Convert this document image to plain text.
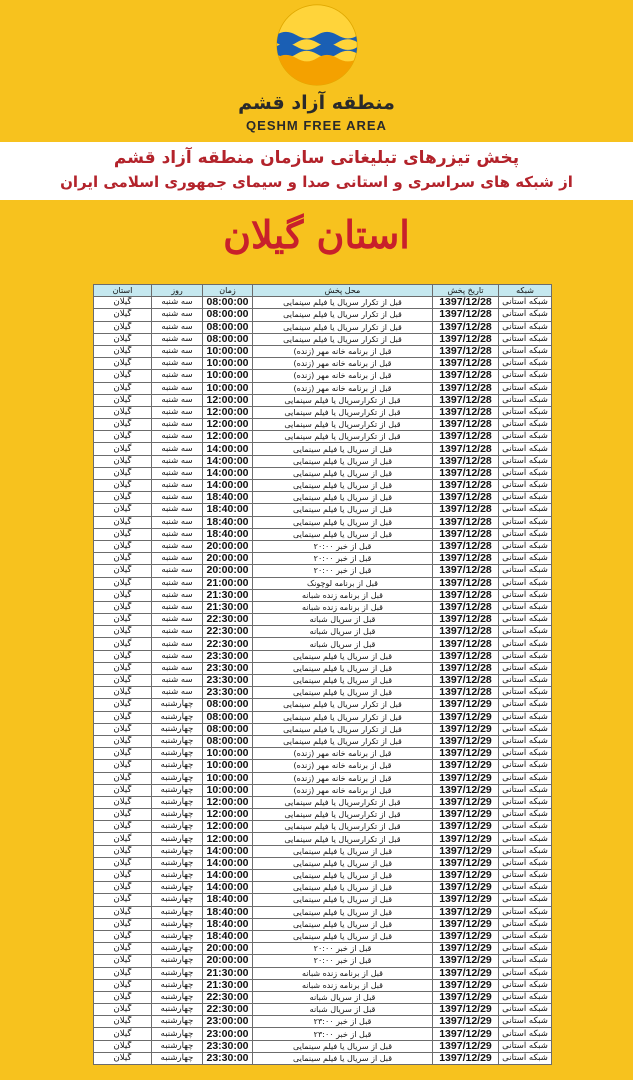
منطقه آزاد قشم
QESHM FREE AREA
پخش تیزرهای تبلیغاتی سازمان منطقه آزاد قشم
از شبکه های سراسری و استانی صدا و سیمای جمهوری اسلامی ایران
استان گیلان
شبکه	تاریخ پخش	محل پخش	زمان	روز	استان
شبکه استانی	1397/12/28	قبل از تکرار سریال یا فیلم سینمایی	08:00:00	سه شنبه	گیلان
شبکه استانی	1397/12/28	قبل از تکرار سریال یا فیلم سینمایی	08:00:00	سه شنبه	گیلان
شبکه استانی	1397/12/28	قبل از تکرار سریال یا فیلم سینمایی	08:00:00	سه شنبه	گیلان
شبکه استانی	1397/12/28	قبل از تکرار سریال یا فیلم سینمایی	08:00:00	سه شنبه	گیلان
شبکه استانی	1397/12/28	قبل از برنامه خانه مهر (زنده)	10:00:00	سه شنبه	گیلان
شبکه استانی	1397/12/28	قبل از برنامه خانه مهر (زنده)	10:00:00	سه شنبه	گیلان
شبکه استانی	1397/12/28	قبل از برنامه خانه مهر (زنده)	10:00:00	سه شنبه	گیلان
شبکه استانی	1397/12/28	قبل از برنامه خانه مهر (زنده)	10:00:00	سه شنبه	گیلان
شبکه استانی	1397/12/28	قبل از تکرارسریال یا فیلم سینمایی	12:00:00	سه شنبه	گیلان
شبکه استانی	1397/12/28	قبل از تکرارسریال یا فیلم سینمایی	12:00:00	سه شنبه	گیلان
شبکه استانی	1397/12/28	قبل از تکرارسریال یا فیلم سینمایی	12:00:00	سه شنبه	گیلان
شبکه استانی	1397/12/28	قبل از تکرارسریال یا فیلم سینمایی	12:00:00	سه شنبه	گیلان
شبکه استانی	1397/12/28	قبل از سریال یا فیلم سینمایی	14:00:00	سه شنبه	گیلان
شبکه استانی	1397/12/28	قبل از سریال یا فیلم سینمایی	14:00:00	سه شنبه	گیلان
شبکه استانی	1397/12/28	قبل از سریال یا فیلم سینمایی	14:00:00	سه شنبه	گیلان
شبکه استانی	1397/12/28	قبل از سریال یا فیلم سینمایی	14:00:00	سه شنبه	گیلان
شبکه استانی	1397/12/28	قبل از سریال یا فیلم سینمایی	18:40:00	سه شنبه	گیلان
شبکه استانی	1397/12/28	قبل از سریال یا فیلم سینمایی	18:40:00	سه شنبه	گیلان
شبکه استانی	1397/12/28	قبل از سریال یا فیلم سینمایی	18:40:00	سه شنبه	گیلان
شبکه استانی	1397/12/28	قبل از سریال یا فیلم سینمایی	18:40:00	سه شنبه	گیلان
شبکه استانی	1397/12/28	قبل از خبر ۲۰:۰۰	20:00:00	سه شنبه	گیلان
شبکه استانی	1397/12/28	قبل از خبر ۲۰:۰۰	20:00:00	سه شنبه	گیلان
شبکه استانی	1397/12/28	قبل از خبر ۲۰:۰۰	20:00:00	سه شنبه	گیلان
شبکه استانی	1397/12/28	قبل از برنامه لوچونک	21:00:00	سه شنبه	گیلان
شبکه استانی	1397/12/28	قبل از برنامه زنده شبانه	21:30:00	سه شنبه	گیلان
شبکه استانی	1397/12/28	قبل از برنامه زنده شبانه	21:30:00	سه شنبه	گیلان
شبکه استانی	1397/12/28	قبل از سریال شبانه	22:30:00	سه شنبه	گیلان
شبکه استانی	1397/12/28	قبل از سریال شبانه	22:30:00	سه شنبه	گیلان
شبکه استانی	1397/12/28	قبل از سریال شبانه	22:30:00	سه شنبه	گیلان
شبکه استانی	1397/12/28	قبل از سریال یا فیلم سینمایی	23:30:00	سه شنبه	گیلان
شبکه استانی	1397/12/28	قبل از سریال یا فیلم سینمایی	23:30:00	سه شنبه	گیلان
شبکه استانی	1397/12/28	قبل از سریال یا فیلم سینمایی	23:30:00	سه شنبه	گیلان
شبکه استانی	1397/12/28	قبل از سریال یا فیلم سینمایی	23:30:00	سه شنبه	گیلان
شبکه استانی	1397/12/29	قبل از تکرار سریال یا فیلم سینمایی	08:00:00	چهارشنبه	گیلان
شبکه استانی	1397/12/29	قبل از تکرار سریال یا فیلم سینمایی	08:00:00	چهارشنبه	گیلان
شبکه استانی	1397/12/29	قبل از تکرار سریال یا فیلم سینمایی	08:00:00	چهارشنبه	گیلان
شبکه استانی	1397/12/29	قبل از تکرار سریال یا فیلم سینمایی	08:00:00	چهارشنبه	گیلان
شبکه استانی	1397/12/29	قبل از برنامه خانه مهر (زنده)	10:00:00	چهارشنبه	گیلان
شبکه استانی	1397/12/29	قبل از برنامه خانه مهر (زنده)	10:00:00	چهارشنبه	گیلان
شبکه استانی	1397/12/29	قبل از برنامه خانه مهر (زنده)	10:00:00	چهارشنبه	گیلان
شبکه استانی	1397/12/29	قبل از برنامه خانه مهر (زنده)	10:00:00	چهارشنبه	گیلان
شبکه استانی	1397/12/29	قبل از تکرارسریال یا فیلم سینمایی	12:00:00	چهارشنبه	گیلان
شبکه استانی	1397/12/29	قبل از تکرارسریال یا فیلم سینمایی	12:00:00	چهارشنبه	گیلان
شبکه استانی	1397/12/29	قبل از تکرارسریال یا فیلم سینمایی	12:00:00	چهارشنبه	گیلان
شبکه استانی	1397/12/29	قبل از تکرارسریال یا فیلم سینمایی	12:00:00	چهارشنبه	گیلان
شبکه استانی	1397/12/29	قبل از سریال یا فیلم سینمایی	14:00:00	چهارشنبه	گیلان
شبکه استانی	1397/12/29	قبل از سریال یا فیلم سینمایی	14:00:00	چهارشنبه	گیلان
شبکه استانی	1397/12/29	قبل از سریال یا فیلم سینمایی	14:00:00	چهارشنبه	گیلان
شبکه استانی	1397/12/29	قبل از سریال یا فیلم سینمایی	14:00:00	چهارشنبه	گیلان
شبکه استانی	1397/12/29	قبل از سریال یا فیلم سینمایی	18:40:00	چهارشنبه	گیلان
شبکه استانی	1397/12/29	قبل از سریال یا فیلم سینمایی	18:40:00	چهارشنبه	گیلان
شبکه استانی	1397/12/29	قبل از سریال یا فیلم سینمایی	18:40:00	چهارشنبه	گیلان
شبکه استانی	1397/12/29	قبل از سریال یا فیلم سینمایی	18:40:00	چهارشنبه	گیلان
شبکه استانی	1397/12/29	قبل از خبر ۲۰:۰۰	20:00:00	چهارشنبه	گیلان
شبکه استانی	1397/12/29	قبل از خبر ۲۰:۰۰	20:00:00	چهارشنبه	گیلان
شبکه استانی	1397/12/29	قبل از برنامه زنده شبانه	21:30:00	چهارشنبه	گیلان
شبکه استانی	1397/12/29	قبل از برنامه زنده شبانه	21:30:00	چهارشنبه	گیلان
شبکه استانی	1397/12/29	قبل از سریال شبانه	22:30:00	چهارشنبه	گیلان
شبکه استانی	1397/12/29	قبل از سریال شبانه	22:30:00	چهارشنبه	گیلان
شبکه استانی	1397/12/29	قبل از خبر ۲۳:۰۰	23:00:00	چهارشنبه	گیلان
شبکه استانی	1397/12/29	قبل از خبر ۲۳:۰۰	23:00:00	چهارشنبه	گیلان
شبکه استانی	1397/12/29	قبل از سریال یا فیلم سینمایی	23:30:00	چهارشنبه	گیلان
شبکه استانی	1397/12/29	قبل از سریال یا فیلم سینمایی	23:30:00	چهارشنبه	گیلان
